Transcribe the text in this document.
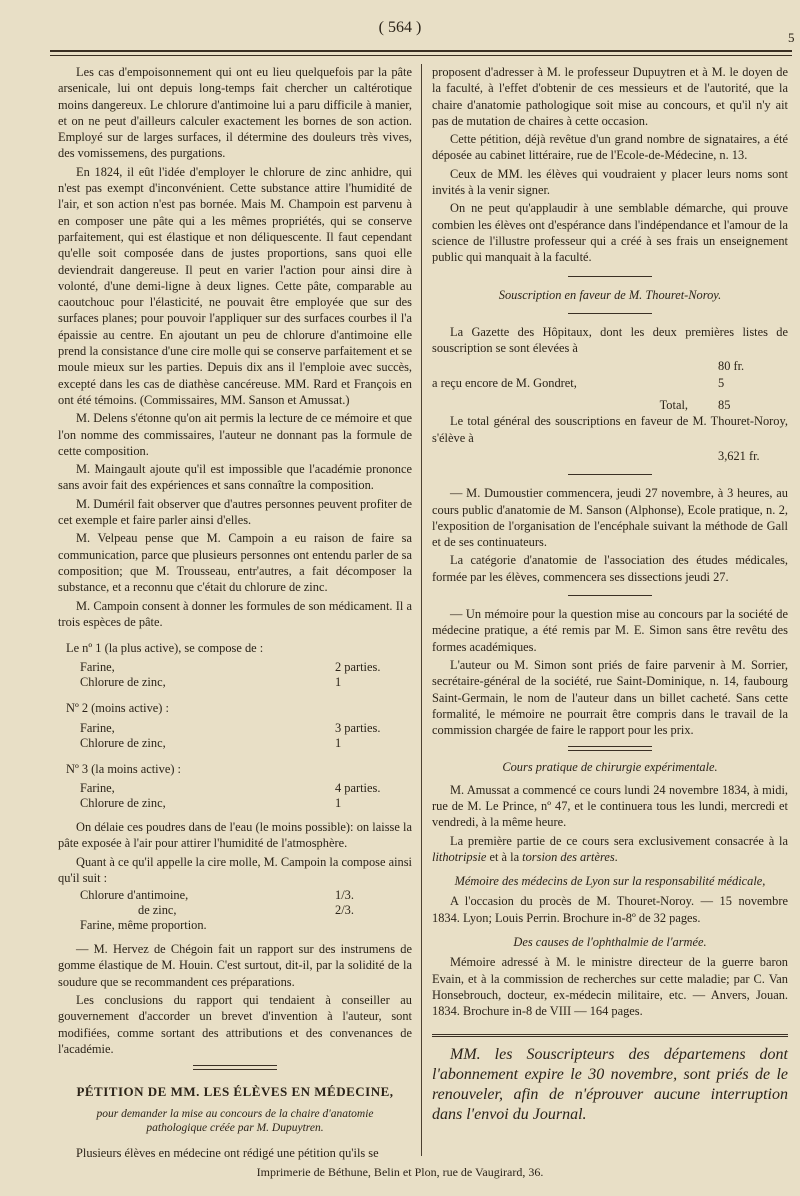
( 564 )
5

Les cas d'empoisonnement qui ont eu lieu quelquefois par la pâte arsenicale, lui ont depuis long-temps fait chercher un caltérotique moins dangereux. Le chlorure d'antimoine lui a paru difficile à manier, et on ne peut d'ailleurs calculer exactement les bornes de son action. Employé sur de larges surfaces, il détermine des douleurs très vives, des vomissemens, des purgations.

En 1824, il eût l'idée d'employer le chlorure de zinc anhidre, qui n'est pas exempt d'inconvénient. Cette substance attire l'humidité de l'air, et son action n'est pas bornée. Mais M. Champoin est parvenu à en composer une pâte qui a les mêmes propriétés, qui se conserve parfaitement, qui est élastique et non déliquescente. Il faut cependant qu'elle soit composée dans de justes proportions, sans quoi elle deviendrait dangereuse. Il peut en varier l'action pour ainsi dire à volonté, d'une demi-ligne à deux lignes. Cette pâte, comparable au caoutchouc pour l'élasticité, ne pouvait être employée que sur des surfaces planes; pour pouvoir l'appliquer sur des surfaces courbes il l'a épaissie au centre. En ajoutant un peu de chlorure d'antimoine elle prend la consistance d'une cire molle qui se conserve parfaitement et se moule mieux sur les parties. Depuis dix ans il l'emploie avec succès, excepté dans les cas de diathèse cancéreuse. MM. Rard et François en ont été témoins. (Commissaires, MM. Sanson et Amussat.)

M. Delens s'étonne qu'on ait permis la lecture de ce mémoire et que l'on nomme des commissaires, l'auteur ne donnant pas la formule de cette composition.

M. Maingault ajoute qu'il est impossible que l'académie prononce sans avoir fait des expériences et sans connaître la composition.

M. Duméril fait observer que d'autres personnes peuvent profiter de cet exemple et faire parler ainsi d'elles.

M. Velpeau pense que M. Campoin a eu raison de faire sa communication, parce que plusieurs personnes ont entendu parler de sa composition; que M. Trousseau, entr'autres, a fait décomposer la substance, et a reconnu que c'était du chlorure de zinc.

M. Campoin consent à donner les formules de son médicament. Il a trois espèces de pâte.

Le nº 1 (la plus active), se compose de :
Farine,	2 parties.
Chlorure de zinc,	1
Nº 2 (moins active) :
Farine,	3 parties.
Chlorure de zinc,	1
Nº 3 (la moins active) :
Farine,	4 parties.
Chlorure de zinc,	1

On délaie ces poudres dans de l'eau (le moins possible): on laisse la pâte exposée à l'air pour attirer l'humidité de l'atmosphère.

Quant à ce qu'il appelle la cire molle, M. Campoin la compose ainsi qu'il suit :

Chlorure d'antimoine,	1/3.
de zinc,	2/3.
Farine, même proportion.

— M. Hervez de Chégoin fait un rapport sur des instrumens de gomme élastique de M. Houin. C'est surtout, dit-il, par la solidité de la soudure que se recommandent ces préparations.

Les conclusions du rapport qui tendaient à conseiller au gouvernement d'accorder un brevet d'invention à l'auteur, sont modifiées, comme sortant des attributions et des convenances de l'académie.

PÉTITION DE MM. LES ÉLÈVES EN MÉDECINE,
pour demander la mise au concours de la chaire d'anatomie pathologique créée par M. Dupuytren.

Plusieurs élèves en médecine ont rédigé une pétition qu'ils se

proposent d'adresser à M. le professeur Dupuytren et à M. le doyen de la faculté, à l'effet d'obtenir de ces messieurs et de l'autorité, que la chaire d'anatomie pathologique soit mise au concours, et qu'il n'y ait pas de mutation de chaires à cette occasion.

Cette pétition, déjà revêtue d'un grand nombre de signataires, a été déposée au cabinet littéraire, rue de l'Ecole-de-Médecine, n. 13.

Ceux de MM. les élèves qui voudraient y placer leurs noms sont invités à la venir signer.

On ne peut qu'applaudir à une semblable démarche, qui prouve combien les élèves ont d'espérance dans l'indépendance et l'amour de la science de l'illustre professeur qui a créé à ses frais un enseignement public qui manquait à la faculté.

Souscription en faveur de M. Thouret-Noroy.

La Gazette des Hôpitaux, dont les deux premières listes de souscription se sont élevées à

80 fr.
a reçu encore de M. Gondret,	5
Total,	85

Le total général des souscriptions en faveur de M. Thouret-Noroy, s'élève à

3,621 fr.

— M. Dumoustier commencera, jeudi 27 novembre, à 3 heures, au cours public d'anatomie de M. Sanson (Alphonse), Ecole pratique, n. 2, l'exposition de l'organisation de l'encéphale suivant la méthode de Gall et de ses continuateurs.

La catégorie d'anatomie de l'association des études médicales, formée par les élèves, commencera ses dissections jeudi 27.

— Un mémoire pour la question mise au concours par la société de médecine pratique, a été remis par M. E. Simon sans être revêtu des formes académiques.

L'auteur ou M. Simon sont priés de faire parvenir à M. Sorrier, secrétaire-général de la société, rue Saint-Dominique, n. 14, faubourg Saint-Germain, le nom de l'auteur dans un billet cacheté. Sans cette formalité, le mémoire ne pourrait être compris dans le travail de la commission chargée de faire le rapport pour les prix.

Cours pratique de chirurgie expérimentale.

M. Amussat a commencé ce cours lundi 24 novembre 1834, à midi, rue de M. Le Prince, nº 47, et le continuera tous les lundi, mercredi et vendredi, à la même heure.

La première partie de ce cours sera exclusivement consacrée à la lithotripsie et à la torsion des artères.

Mémoire des médecins de Lyon sur la responsabilité médicale,

A l'occasion du procès de M. Thouret-Noroy. — 15 novembre 1834. Lyon; Louis Perrin. Brochure in-8º de 32 pages.

Des causes de l'ophthalmie de l'armée.

Mémoire adressé à M. le ministre directeur de la guerre baron Evain, et à la commission de recherches sur cette maladie; par C. Van Honsebrouch, docteur, ex-médecin militaire, etc. — Anvers, Jouan. 1834. Brochure in-8 de VIII — 164 pages.

MM. les Souscripteurs des départemens dont l'abonnement expire le 30 novembre, sont priés de le renouveler, afin de n'éprouver aucune interruption dans l'envoi du Journal.

Imprimerie de Béthune, Belin et Plon, rue de Vaugirard, 36.
